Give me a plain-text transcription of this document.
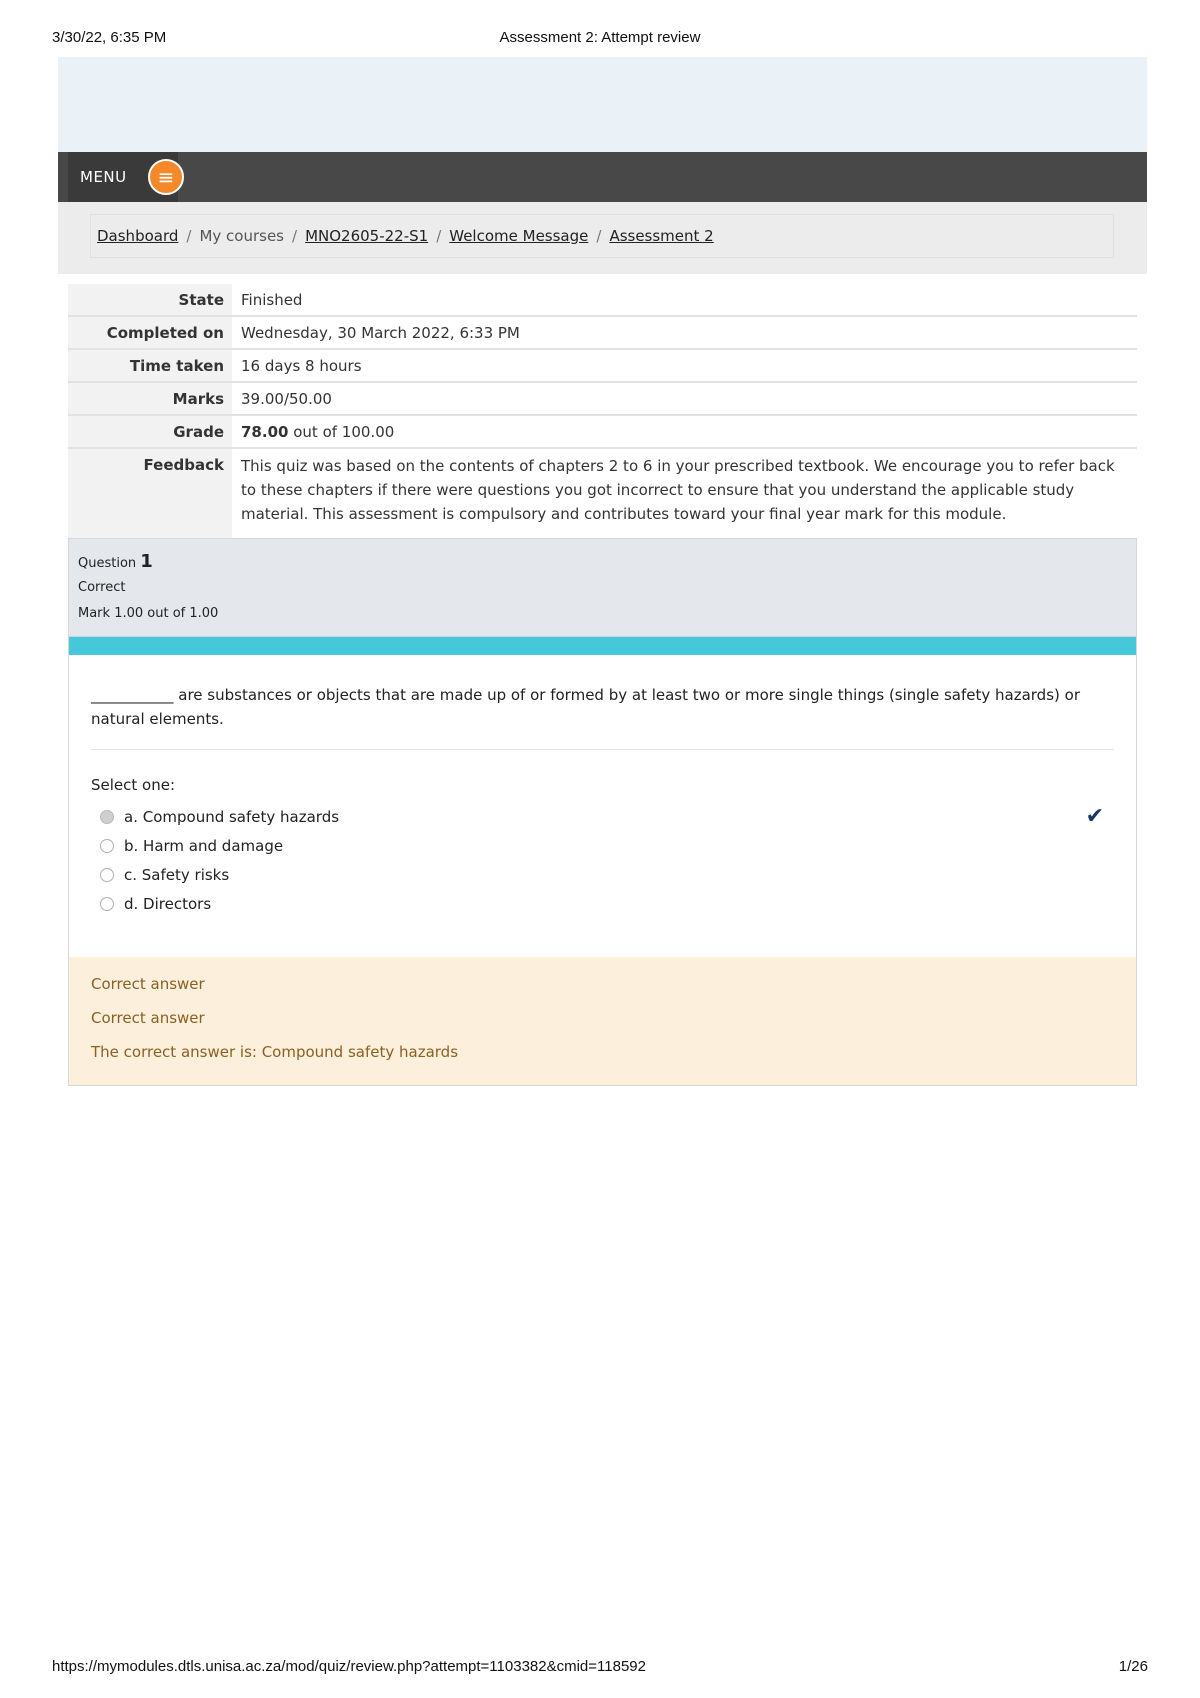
3/30/22, 6:35 PM	Assessment 2: Attempt review
MENU	≡
Dashboard / My courses / MNO2605-22-S1 / Welcome Message / Assessment 2
State	Finished
Completed on	Wednesday, 30 March 2022, 6:33 PM
Time taken	16 days 8 hours
Marks	39.00/50.00
Grade	78.00 out of 100.00
Feedback	This quiz was based on the contents of chapters 2 to 6 in your prescribed textbook. We encourage you to refer back to these chapters if there were questions you got incorrect to ensure that you understand the applicable study material. This assessment is compulsory and contributes toward your final year mark for this module.
Question 1
Correct
Mark 1.00 out of 1.00
___________ are substances or objects that are made up of or formed by at least two or more single things (single safety hazards) or natural elements.
Select one:
a. Compound safety hazards
b. Harm and damage
c. Safety risks
d. Directors
✔
Correct answer
Correct answer
The correct answer is: Compound safety hazards
https://mymodules.dtls.unisa.ac.za/mod/quiz/review.php?attempt=1103382&cmid=118592	1/26
